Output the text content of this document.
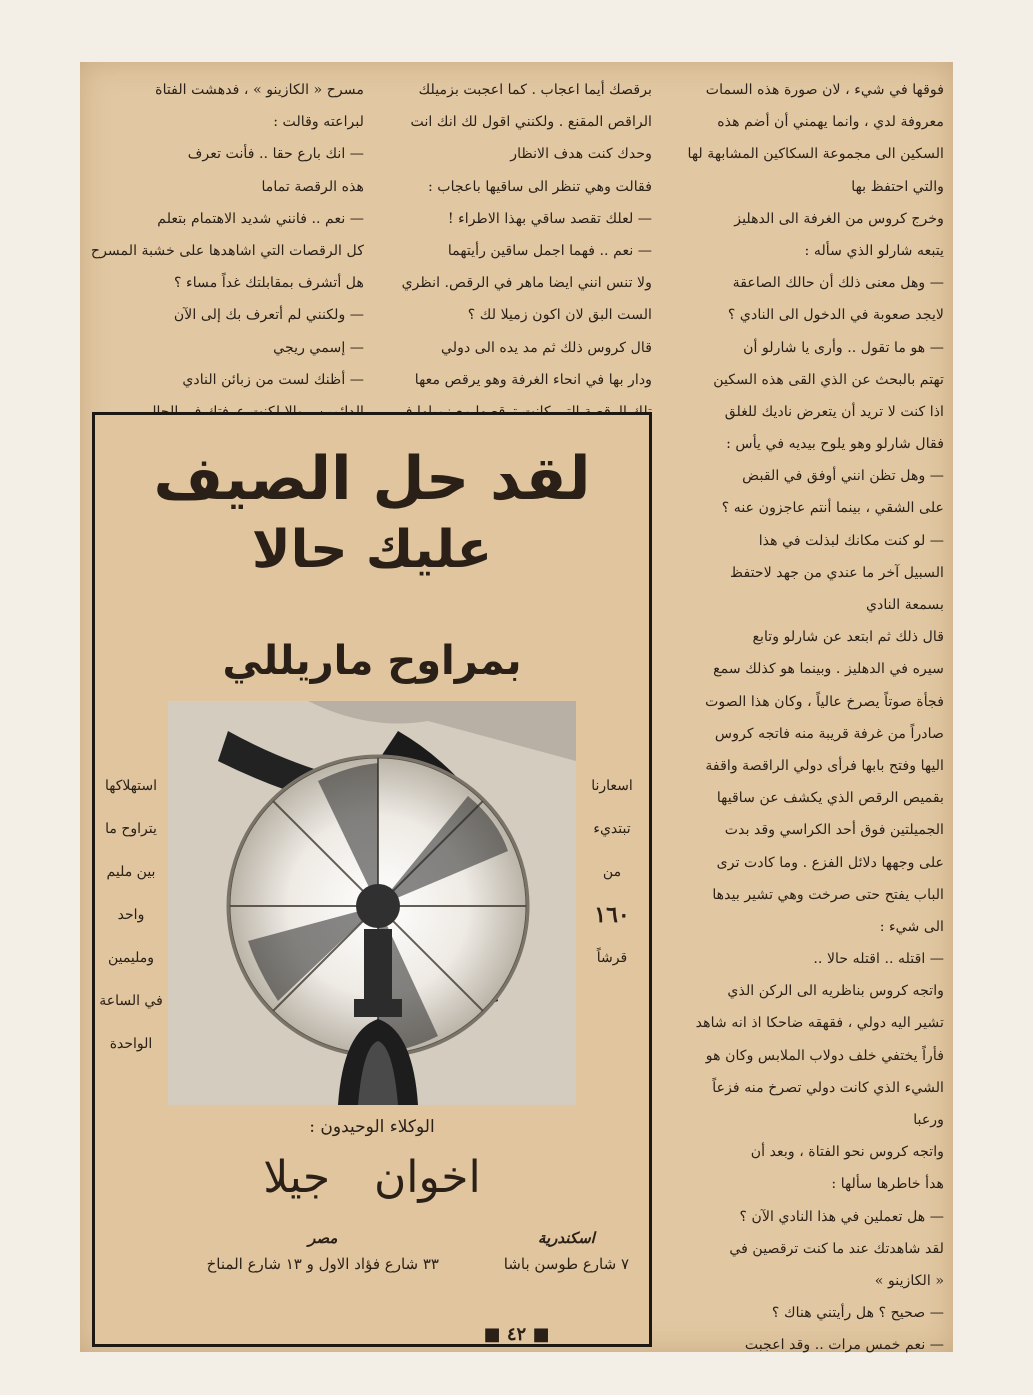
فوقها في شيء ، لان صورة هذه السمات

معروفة لدي ، وانما يهمني أن أضم هذه

السكين الى مجموعة السكاكين المشابهة لها

والتي احتفظ بها

وخرج كروس من الغرفة الى الدهليز

يتبعه شارلو الذي سأله :

— وهل معنى ذلك أن حالك الصاعقة

لايجد صعوبة في الدخول الى النادي ؟

— هو ما تقول .. وأرى يا شارلو أن

تهتم بالبحث عن الذي القى هذه السكين

اذا كنت لا تريد أن يتعرض ناديك للغلق

فقال شارلو وهو يلوح بيديه في يأس :

— وهل تظن انني أوفق في القبض

على الشقي ، بينما أنتم عاجزون عنه ؟

— لو كنت مكانك لبذلت في هذا

السبيل آخر ما عندي من جهد لاحتفظ

بسمعة النادي

قال ذلك ثم ابتعد عن شارلو وتابع

سيره في الدهليز . وبينما هو كذلك سمع

فجأة صوتاً يصرخ عالياً ، وكان هذا الصوت

صادراً من غرفة قريبة منه فاتجه كروس

اليها وفتح بابها فرأى دولي الراقصة واقفة

بقميص الرقص الذي يكشف عن ساقيها

الجميلتين فوق أحد الكراسي وقد بدت

على وجهها دلائل الفزع . وما كادت ترى

الباب يفتح حتى صرخت وهي تشير بيدها

الى شيء :

— اقتله .. اقتله حالا ..

واتجه كروس بناظريه الى الركن الذي

تشير اليه دولي ، فقهقه ضاحكا اذ انه شاهد

فأراً يختفي خلف دولاب الملابس وكان هو

الشيء الذي كانت دولي تصرخ منه فزعاً

ورعبا

واتجه كروس نحو الفتاة ، وبعد أن

هدأ خاطرها سألها :

— هل تعملين في هذا النادي الآن ؟

لقد شاهدتك عند ما كنت ترقصين في

« الكازينو »

— صحيح ؟ هل رأيتني هناك ؟

— نعم خمس مرات .. وقد اعجبت

برقصك أيما اعجاب . كما اعجبت بزميلك

الراقص المقنع . ولكنني اقول لك انك انت

وحدك كنت هدف الانظار

فقالت وهي تنظر الى ساقيها باعجاب :

— لعلك تقصد ساقي بهذا الاطراء !

— نعم .. فهما اجمل ساقين رأيتهما

ولا تنس انني ايضا ماهر في الرقص. انظري

الست البق لان اكون زميلا لك ؟

قال كروس ذلك ثم مد يده الى دولي

ودار بها في انحاء الغرفة وهو يرقص معها

مسرح « الكازينو » ، فدهشت الفتاة

لبراعته وقالت :

— انك بارع حقا .. فأنت تعرف

هذه الرقصة تماما

— نعم .. فانني شديد الاهتمام بتعلم

كل الرقصات التي اشاهدها على خشبة المسرح

هل أتشرف بمقابلتك غداً مساء ؟

— ولكنني لم أتعرف بك إلى الآن

— إسمي ريجي

— أظنك لست من زبائن النادي

لقد حل الصيف
عليك حالا
بمراوح ماريللي
استهلاكها
يتراوح ما
بين مليم
واحد
ومليمين
في الساعة
الواحدة
اسعارنا
تبتديء
من
١٦٠
قرشاً
الوكلاء الوحيدون :
اخوان جيلا
مصر
٣٣ شارع فؤاد الاول و ١٣ شارع المناخ
اسكندرية
٧ شارع طوسن باشا
■ ٤٢ ■
